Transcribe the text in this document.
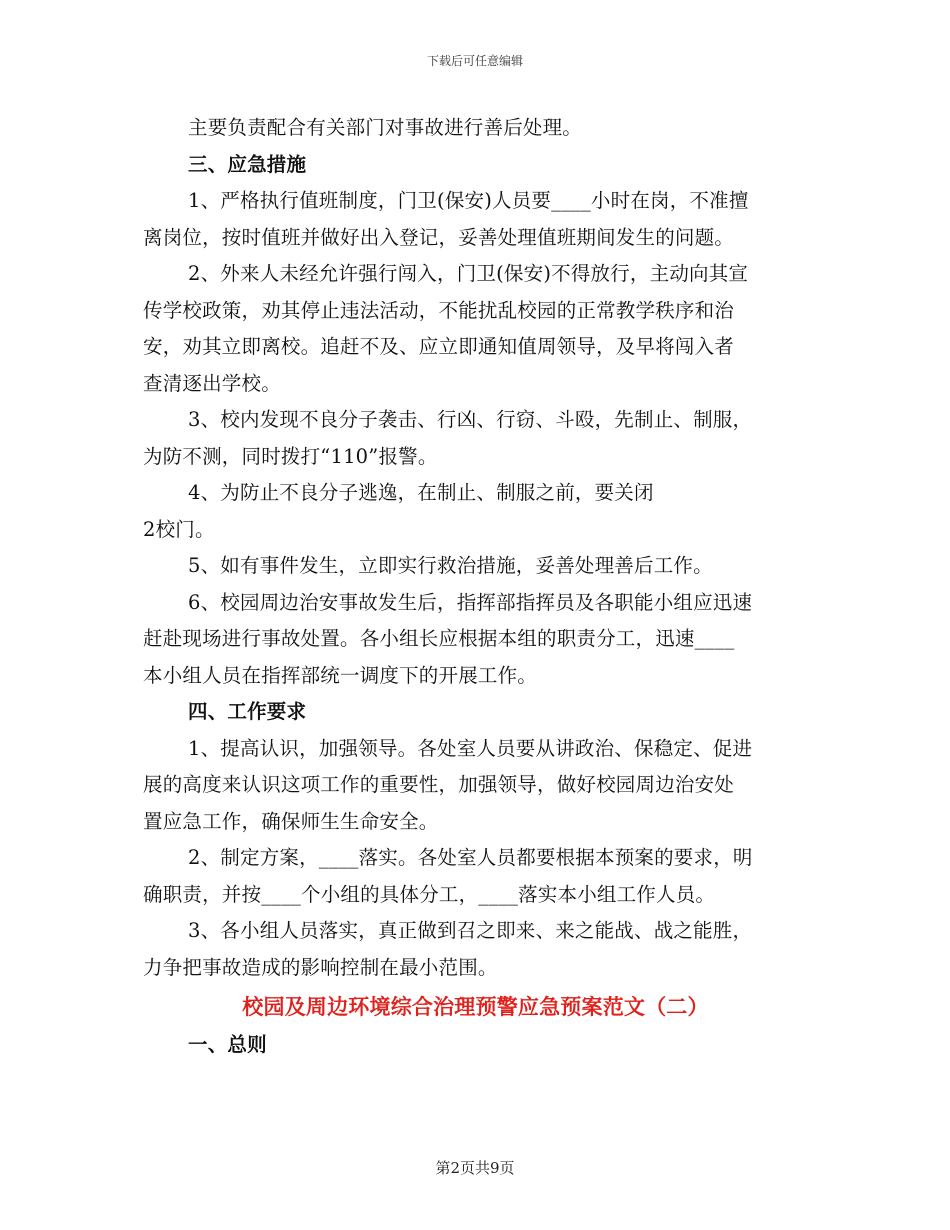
下载后可任意编辑
主要负责配合有关部门对事故进行善后处理。
三、应急措施
1、严格执行值班制度，门卫(保安)人员要____小时在岗，不准擅
离岗位，按时值班并做好出入登记，妥善处理值班期间发生的问题。
2、外来人未经允许强行闯入，门卫(保安)不得放行，主动向其宣
传学校政策，劝其停止违法活动，不能扰乱校园的正常教学秩序和治
安，劝其立即离校。追赶不及、应立即通知值周领导，及早将闯入者
查清逐出学校。
3、校内发现不良分子袭击、行凶、行窃、斗殴，先制止、制服，
为防不测，同时拨打“110”报警。
4、为防止不良分子逃逸，在制止、制服之前，要关闭
2校门。
5、如有事件发生，立即实行救治措施，妥善处理善后工作。
6、校园周边治安事故发生后，指挥部指挥员及各职能小组应迅速
赶赴现场进行事故处置。各小组长应根据本组的职责分工，迅速____
本小组人员在指挥部统一调度下的开展工作。
四、工作要求
1、提高认识，加强领导。各处室人员要从讲政治、保稳定、促进
展的高度来认识这项工作的重要性，加强领导，做好校园周边治安处
置应急工作，确保师生生命安全。
2、制定方案，____落实。各处室人员都要根据本预案的要求，明
确职责，并按____个小组的具体分工，____落实本小组工作人员。
3、各小组人员落实，真正做到召之即来、来之能战、战之能胜，
力争把事故造成的影响控制在最小范围。
校园及周边环境综合治理预警应急预案范文（二）
一、总则
第2页共9页
